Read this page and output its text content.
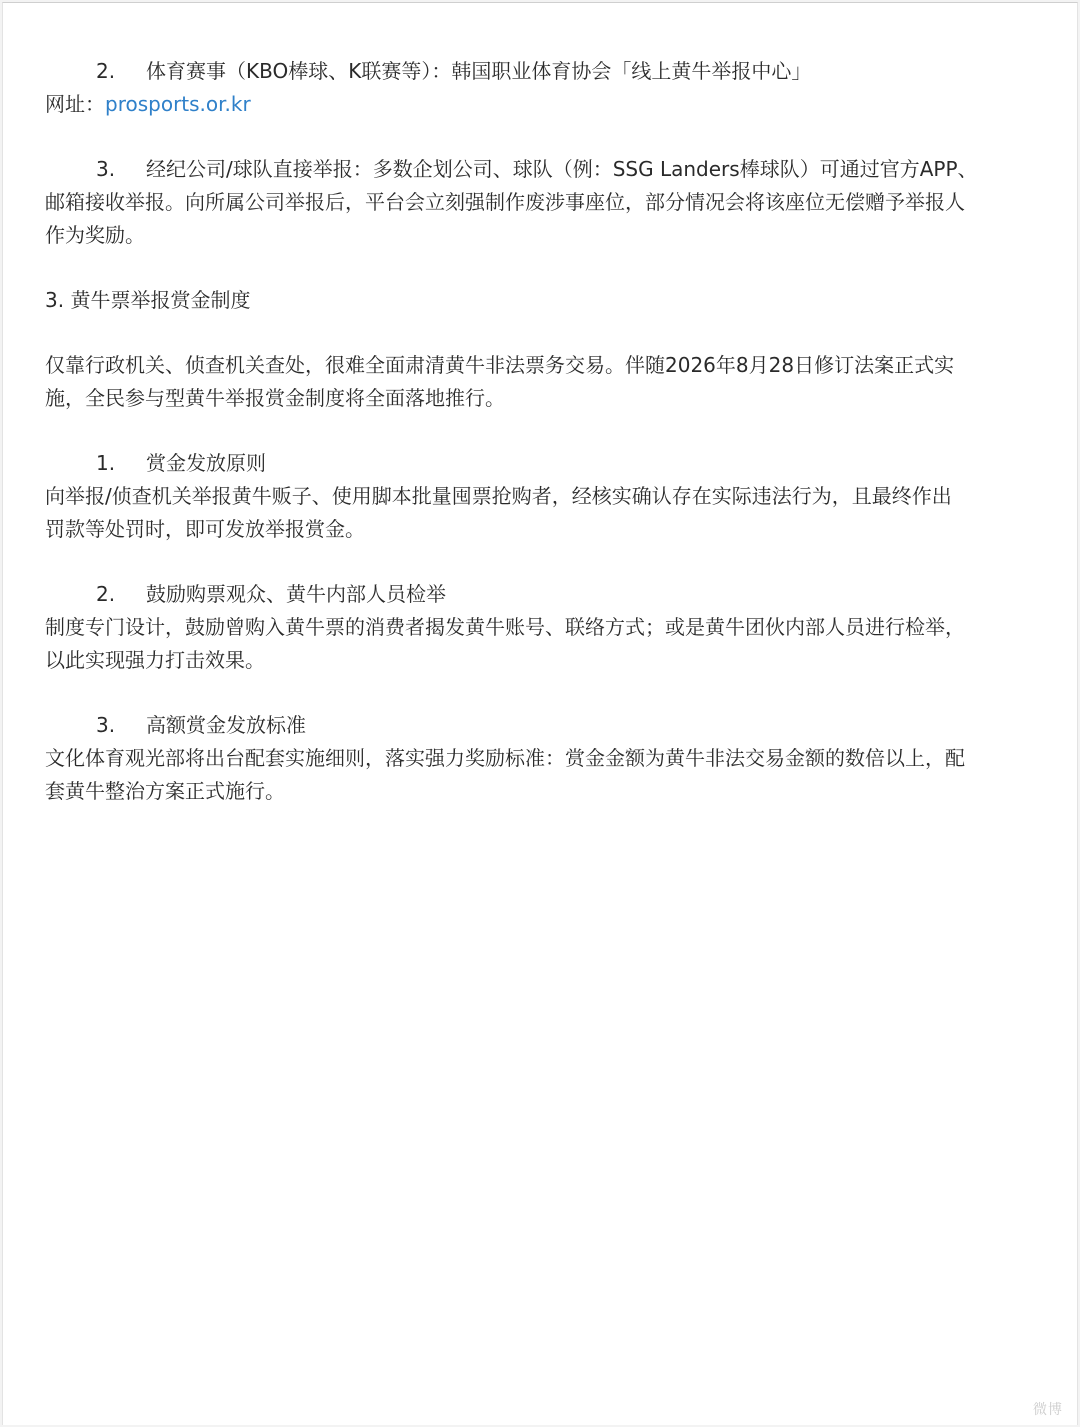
2. 体育赛事（KBO棒球、K联赛等）：韩国职业体育协会「线上黄牛举报中心」
网址：prosports.or.kr
3. 经纪公司/球队直接举报：多数企划公司、球队（例：SSG Landers棒球队）可通过官方APP、
邮箱接收举报。向所属公司举报后，平台会立刻强制作废涉事座位，部分情况会将该座位无偿赠予举报人
作为奖励。
3. 黄牛票举报赏金制度
仅靠行政机关、侦查机关查处，很难全面肃清黄牛非法票务交易。伴随2026年8月28日修订法案正式实
施，全民参与型黄牛举报赏金制度将全面落地推行。
1. 赏金发放原则
向举报/侦查机关举报黄牛贩子、使用脚本批量囤票抢购者，经核实确认存在实际违法行为，且最终作出
罚款等处罚时，即可发放举报赏金。
2. 鼓励购票观众、黄牛内部人员检举
制度专门设计，鼓励曾购入黄牛票的消费者揭发黄牛账号、联络方式；或是黄牛团伙内部人员进行检举，
以此实现强力打击效果。
3. 高额赏金发放标准
文化体育观光部将出台配套实施细则，落实强力奖励标准：赏金金额为黄牛非法交易金额的数倍以上，配
套黄牛整治方案正式施行。
微博
